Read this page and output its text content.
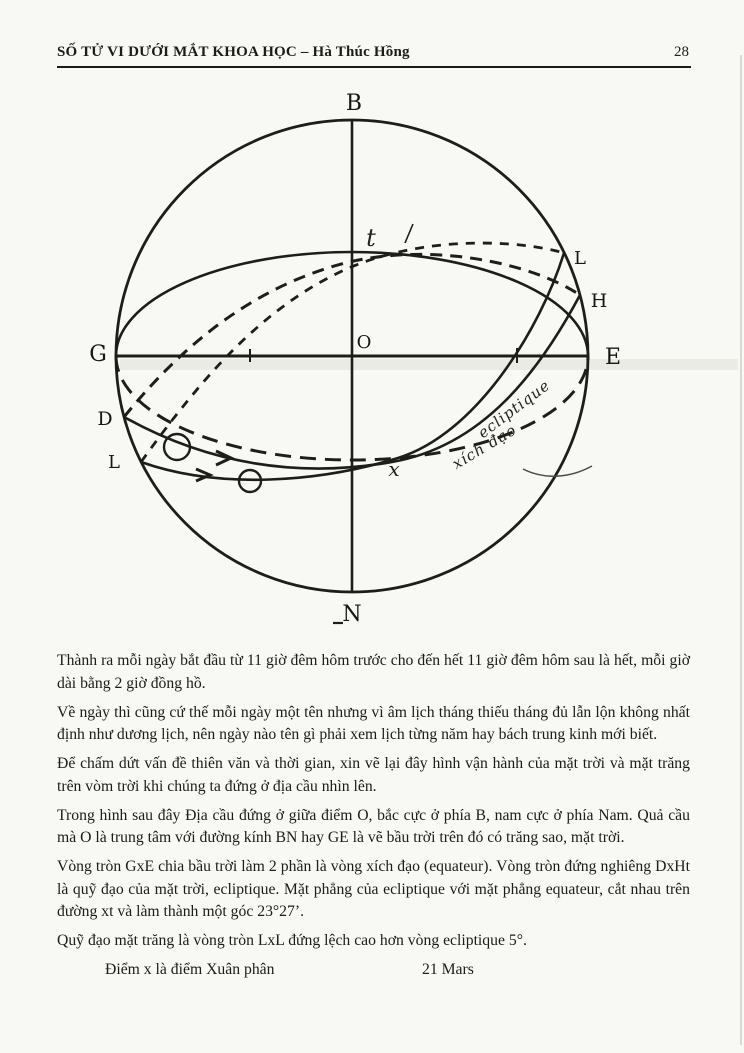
SỐ TỬ VI DƯỚI MẮT KHOA HỌC – Hà Thúc Hồng	28
B
N
G	E
O
D
L
L
H
t
x
ecliptique
xích đạo

Thành ra mỗi ngày bắt đầu từ 11 giờ đêm hôm trước cho đến hết 11 giờ đêm hôm sau là hết, mỗi giờ dài bằng 2 giờ đồng hồ.

Về ngày thì cũng cứ thế mỗi ngày một tên nhưng vì âm lịch tháng thiếu tháng đủ lẫn lộn không nhất định như dương lịch, nên ngày nào tên gì phải xem lịch từng năm hay bách trung kinh mới biết.

Để chấm dứt vấn đề thiên văn và thời gian, xin vẽ lại đây hình vận hành của mặt trời và mặt trăng trên vòm trời khi chúng ta đứng ở địa cầu nhìn lên.

Trong hình sau đây Địa cầu đứng ở giữa điểm O, bắc cực ở phía B, nam cực ở phía Nam. Quả cầu mà O là trung tâm với đường kính BN hay GE là vẽ bầu trời trên đó có trăng sao, mặt trời.

Vòng tròn GxE chia bầu trời làm 2 phần là vòng xích đạo (equateur). Vòng tròn đứng nghiêng DxHt là quỹ đạo của mặt trời, ecliptique. Mặt phẳng của ecliptique với mặt phẳng equateur, cắt nhau trên đường xt và làm thành một góc 23°27’.

Quỹ đạo mặt trăng là vòng tròn LxL đứng lệch cao hơn vòng ecliptique 5°.

Điểm x là điểm Xuân phân	21 Mars
